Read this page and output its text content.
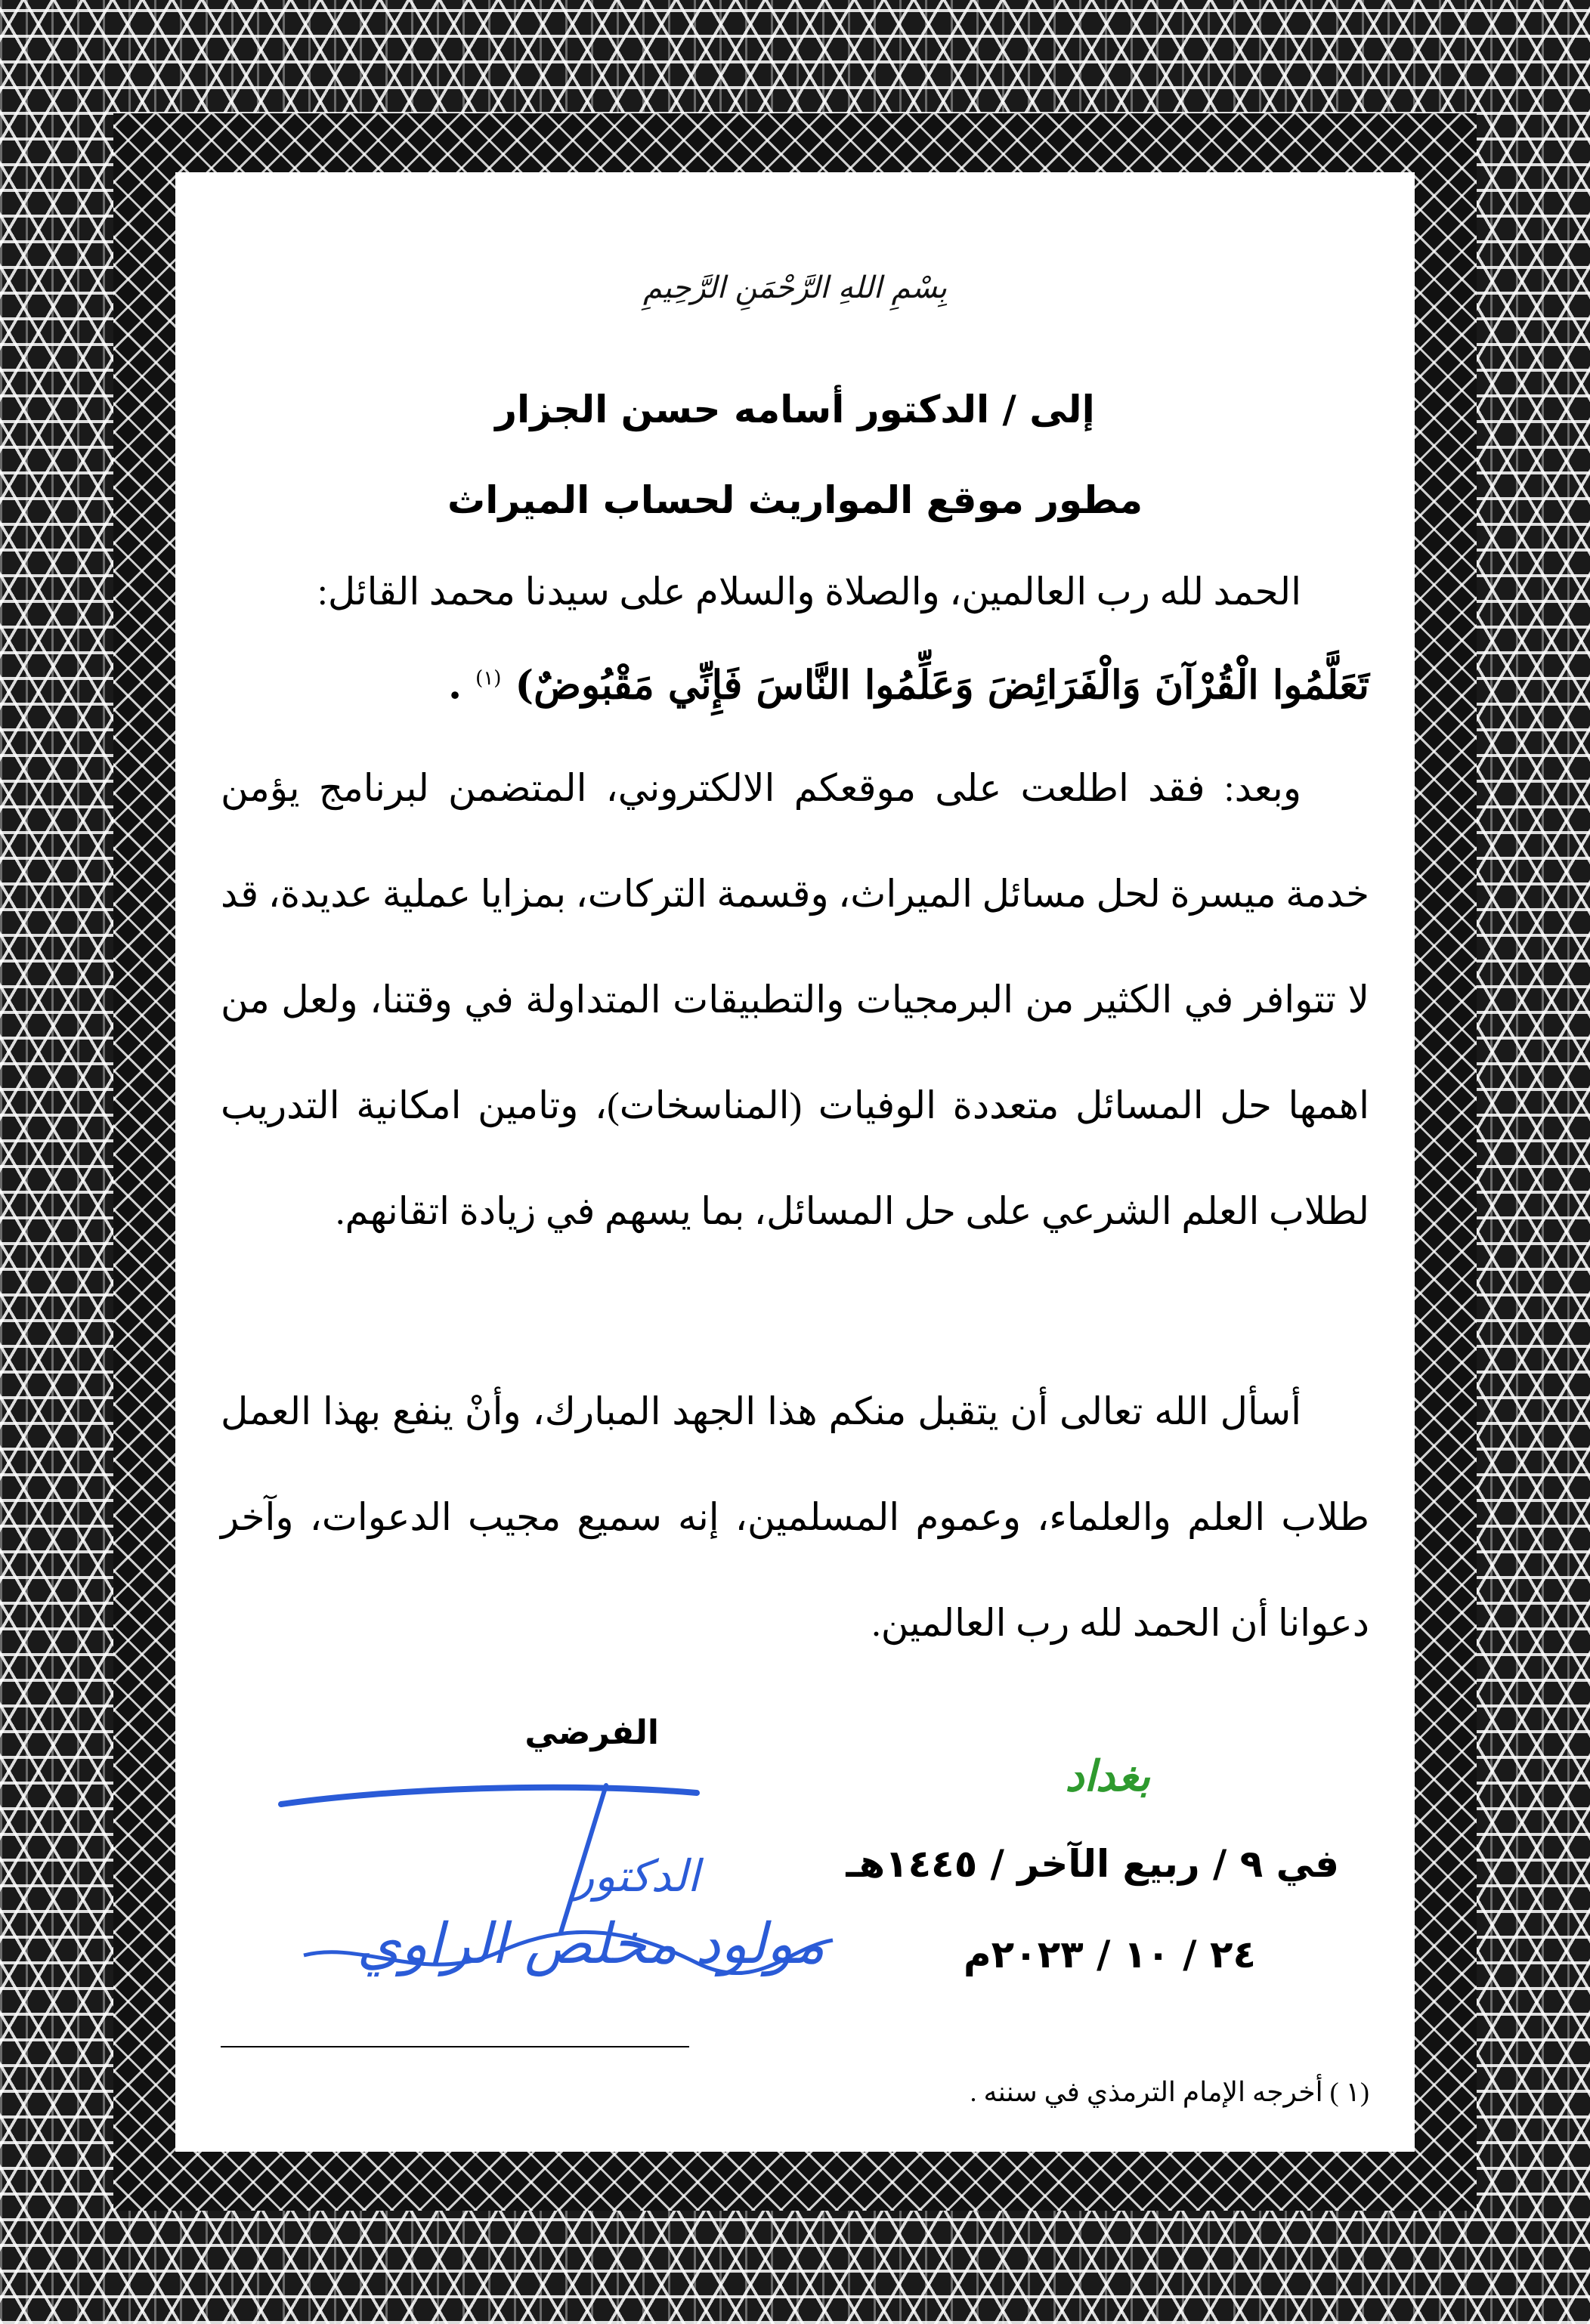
بِسْمِ اللهِ الرَّحْمَنِ الرَّحِيمِ
إلى / الدكتور أسامه حسن الجزار
مطور موقع المواريث لحساب الميراث
الحمد لله رب العالمين، والصلاة والسلام على سيدنا محمد القائل:
تَعَلَّمُوا الْقُرْآنَ وَالْفَرَائِضَ وَعَلِّمُوا النَّاسَ فَإِنِّي مَقْبُوضٌ) $^{(١)}$ .
وبعد: فقد اطلعت على موقعكم الالكتروني، المتضمن لبرنامج يؤمن خدمة ميسرة لحل مسائل الميراث، وقسمة التركات، بمزايا عملية عديدة، قد لا تتوافر في الكثير من البرمجيات والتطبيقات المتداولة في وقتنا، ولعل من اهمها حل المسائل متعددة الوفيات (المناسخات)، وتامين امكانية التدريب لطلاب العلم الشرعي على حل المسائل، بما يسهم في زيادة اتقانهم.
أسأل الله تعالى أن يتقبل منكم هذا الجهد المبارك، وأنْ ينفع بهذا العمل طلاب العلم والعلماء، وعموم المسلمين، إنه سميع مجيب الدعوات، وآخر دعوانا أن الحمد لله رب العالمين.
الفرضي
الدكتور
مولود مخلص الراوي
بغداد
في ٩ / ربيع الآخر / ١٤٤٥هـ
٢٤ / ١٠ / ٢٠٢٣م
(١ ) أخرجه الإمام الترمذي في سننه .
